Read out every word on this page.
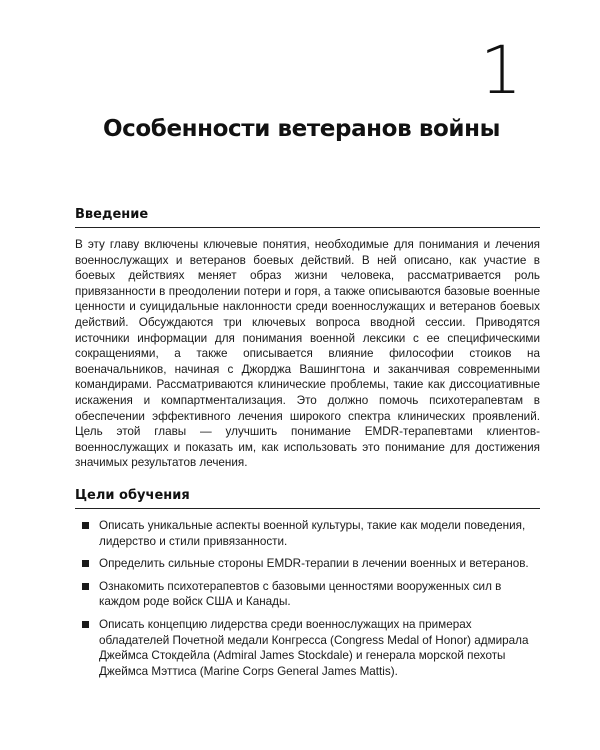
1
Особенности ветеранов войны
Введение
В эту главу включены ключевые понятия, необходимые для понимания и лечения военнослужащих и ветеранов боевых действий. В ней описано, как участие в боевых действиях меняет образ жизни человека, рассматривается роль привязанности в преодолении потери и горя, а также описываются базовые военные ценности и суицидальные наклонности среди военнослужащих и ветеранов боевых действий. Обсуждаются три ключевых вопроса вводной сессии. Приводятся источники информации для понимания военной лексики с ее специфическими сокращениями, а также описывается влияние философии стоиков на военачальников, начиная с Джорджа Вашингтона и заканчивая современными командирами. Рассматриваются клинические проблемы, такие как диссоциативные искажения и компартментализация. Это должно помочь психотерапевтам в обеспечении эффективного лечения широкого спектра клинических проявлений. Цель этой главы — улучшить понимание EMDR-терапевтами клиентов-военнослужащих и показать им, как использовать это понимание для достижения значимых результатов лечения.
Цели обучения
Описать уникальные аспекты военной культуры, такие как модели поведения, лидерство и стили привязанности.
Определить сильные стороны EMDR-терапии в лечении военных и ветеранов.
Ознакомить психотерапевтов с базовыми ценностями вооруженных сил в каждом роде войск США и Канады.
Описать концепцию лидерства среди военнослужащих на примерах обладателей Почетной медали Конгресса (Congress Medal of Honor) адмирала Джеймса Стокдейла (Admiral James Stockdale) и генерала морской пехоты Джеймса Мэттиса (Marine Corps General James Mattis).
